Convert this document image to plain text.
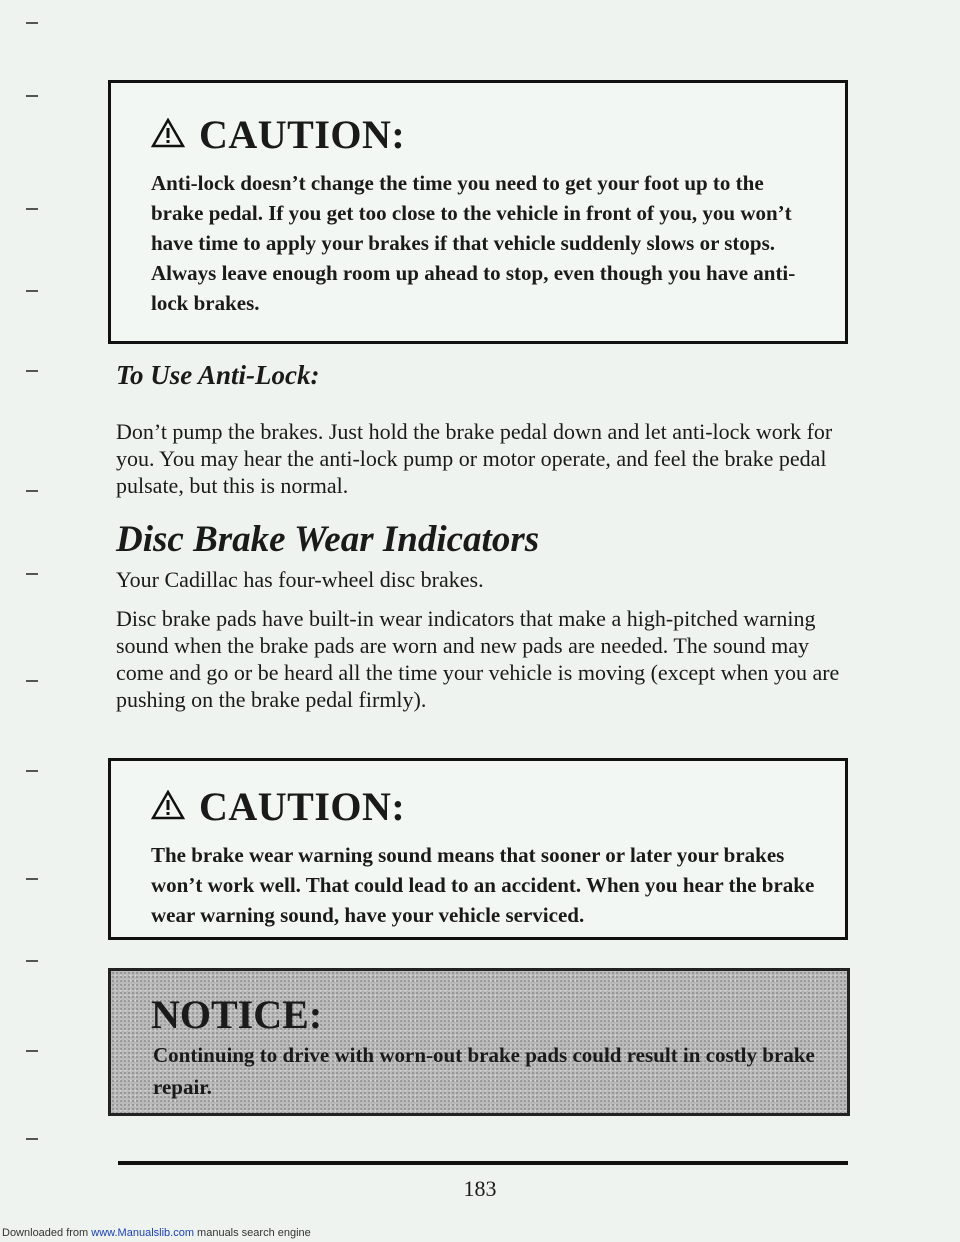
CAUTION:
Anti-lock doesn’t change the time you need to get your foot up to the brake pedal. If you get too close to the vehicle in front of you, you won’t have time to apply your brakes if that vehicle suddenly slows or stops. Always leave enough room up ahead to stop, even though you have anti-lock brakes.
To Use Anti-Lock:
Don’t pump the brakes. Just hold the brake pedal down and let anti-lock work for you. You may hear the anti-lock pump or motor operate, and feel the brake pedal pulsate, but this is normal.
Disc Brake Wear Indicators
Your Cadillac has four-wheel disc brakes.
Disc brake pads have built-in wear indicators that make a high-pitched warning sound when the brake pads are worn and new pads are needed. The sound may come and go or be heard all the time your vehicle is moving (except when you are pushing on the brake pedal firmly).
CAUTION:
The brake wear warning sound means that sooner or later your brakes won’t work well. That could lead to an accident. When you hear the brake wear warning sound, have your vehicle serviced.
NOTICE:
Continuing to drive with worn-out brake pads could result in costly brake repair.
183
Downloaded from www.Manualslib.com manuals search engine
